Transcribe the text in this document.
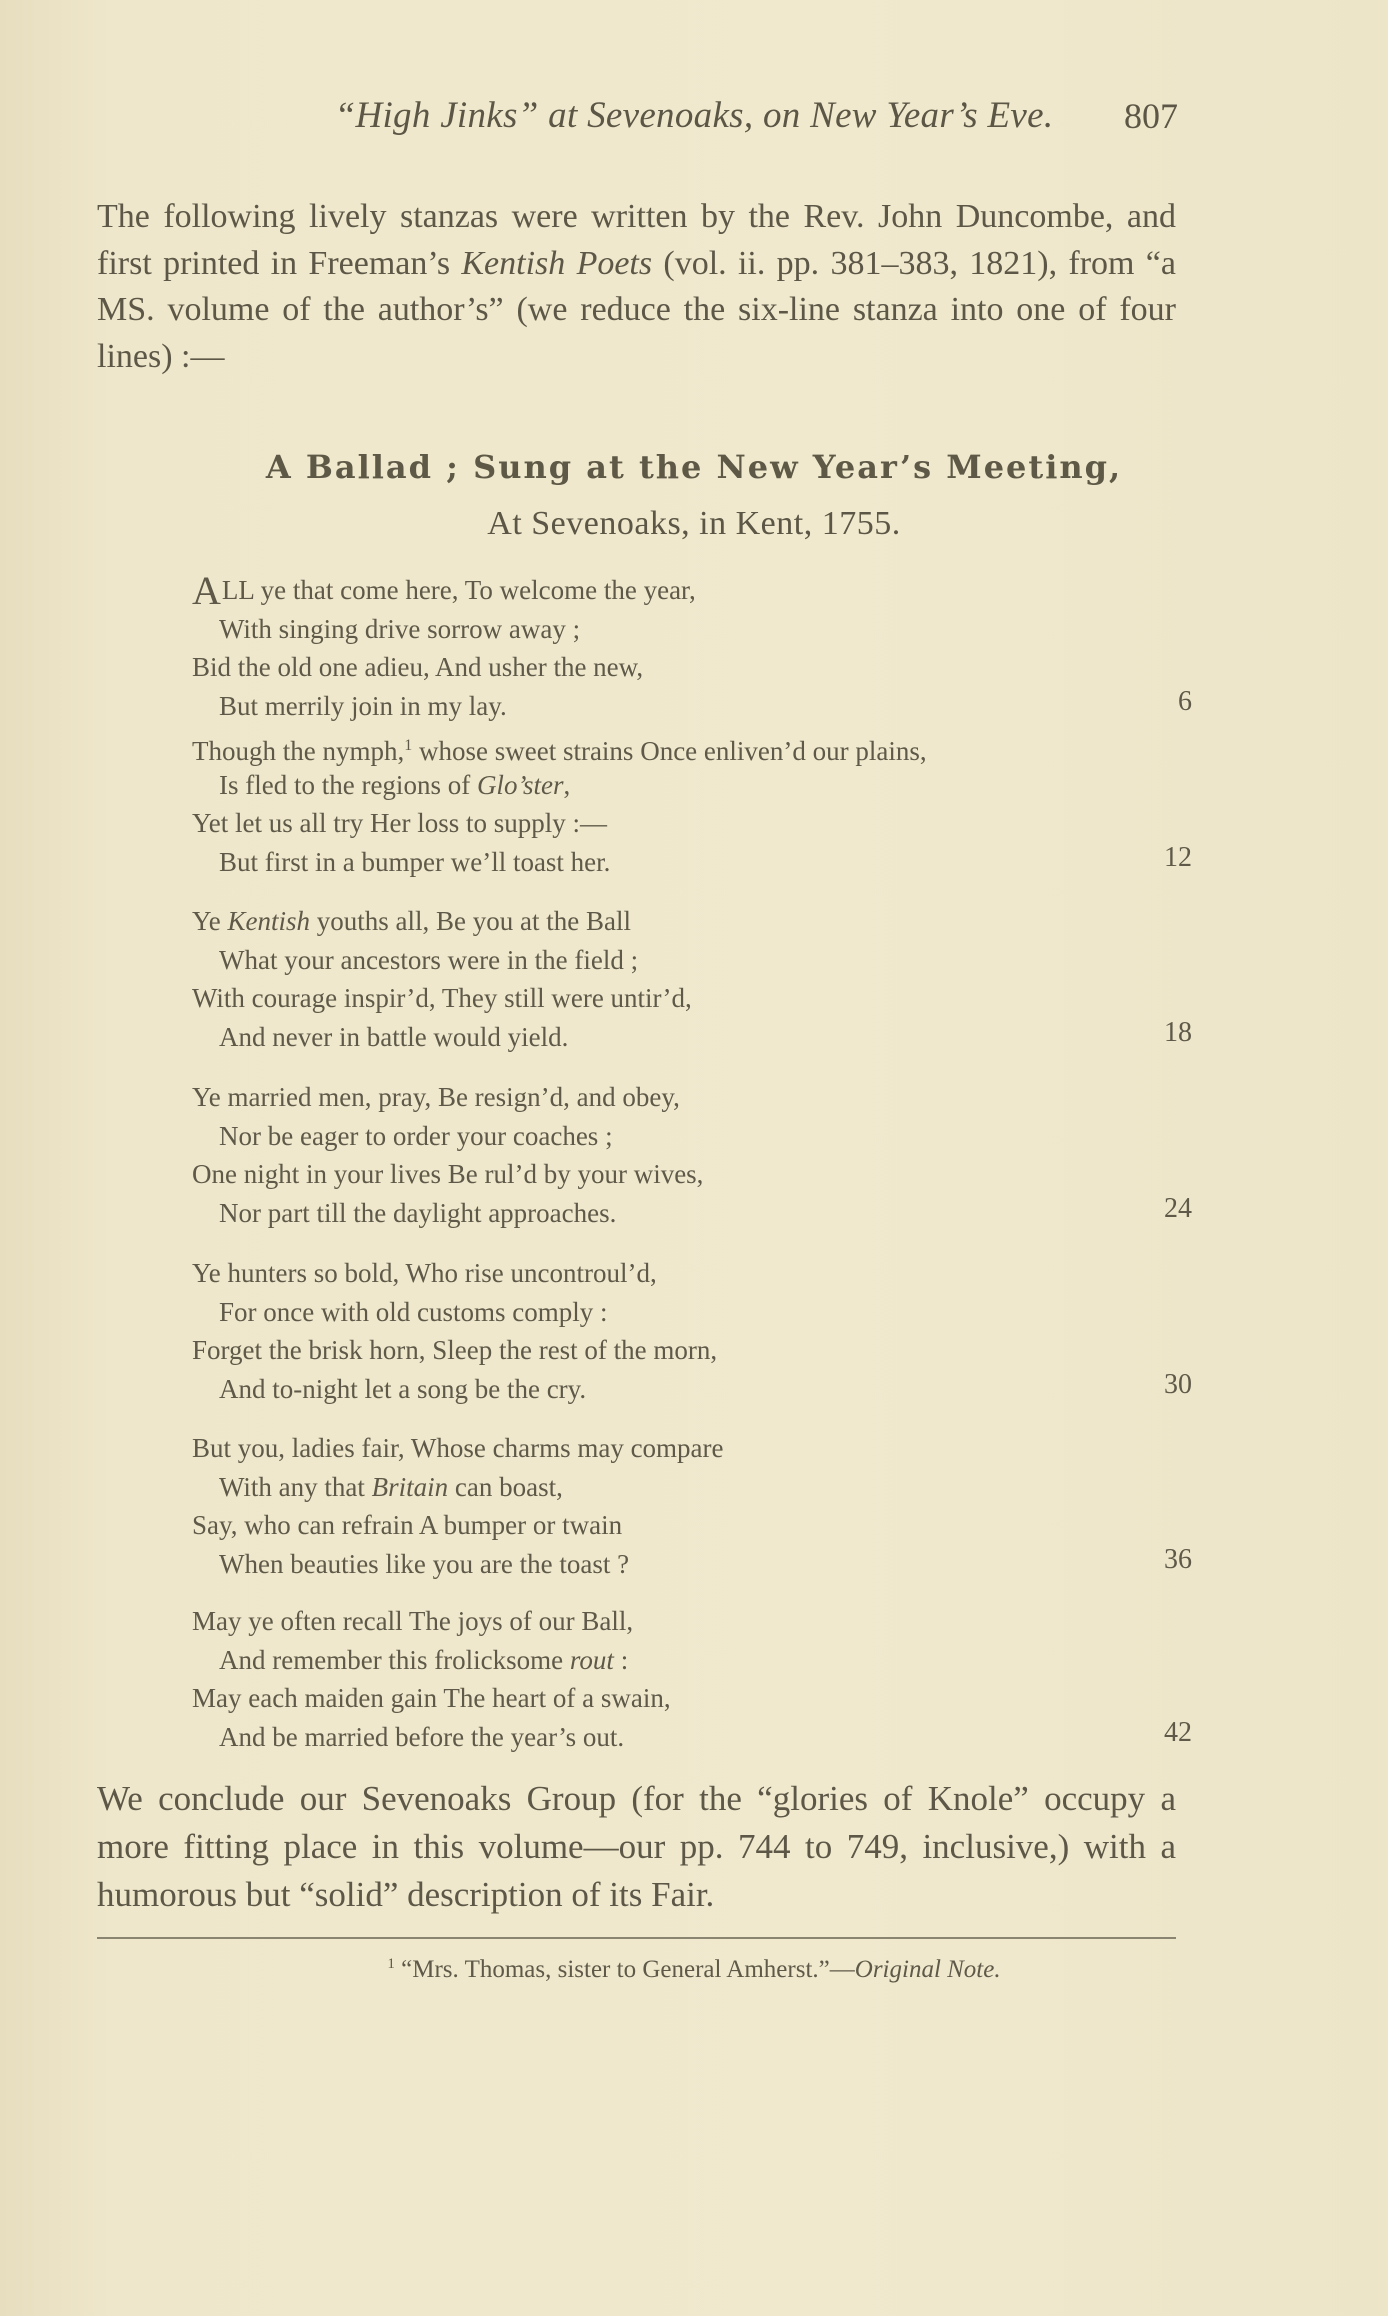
“High Jinks” at Sevenoaks, on New Year’s Eve. 807
The following lively stanzas were written by the Rev. John Duncombe, and first printed in Freeman’s Kentish Poets (vol. ii. pp. 381–383, 1821), from “a MS. volume of the author’s” (we reduce the six-line stanza into one of four lines) :—
A Ballad ; Sung at the New Year’s Meeting,
At Sevenoaks, in Kent, 1755.
ALL ye that come here, To welcome the year,
With singing drive sorrow away ;
Bid the old one adieu, And usher the new,
But merrily join in my lay.	6
Though the nymph,$^1$ whose sweet strains Once enliven’d our plains,
Is fled to the regions of Glo’ster,
Yet let us all try Her loss to supply :—
But first in a bumper we’ll toast her.	12
Ye Kentish youths all, Be you at the Ball
What your ancestors were in the field ;
With courage inspir’d, They still were untir’d,
And never in battle would yield.	18
Ye married men, pray, Be resign’d, and obey,
Nor be eager to order your coaches ;
One night in your lives Be rul’d by your wives,
Nor part till the daylight approaches.	24
Ye hunters so bold, Who rise uncontroul’d,
For once with old customs comply :
Forget the brisk horn, Sleep the rest of the morn,
And to-night let a song be the cry.	30
But you, ladies fair, Whose charms may compare
With any that Britain can boast,
Say, who can refrain A bumper or twain
When beauties like you are the toast ?	36
May ye often recall The joys of our Ball,
And remember this frolicksome rout :
May each maiden gain The heart of a swain,
And be married before the year’s out.	42
We conclude our Sevenoaks Group (for the “glories of Knole” occupy a more fitting place in this volume—our pp. 744 to 749, inclusive,) with a humorous but “solid” description of its Fair.
$^1$ “Mrs. Thomas, sister to General Amherst.”—Original Note.
